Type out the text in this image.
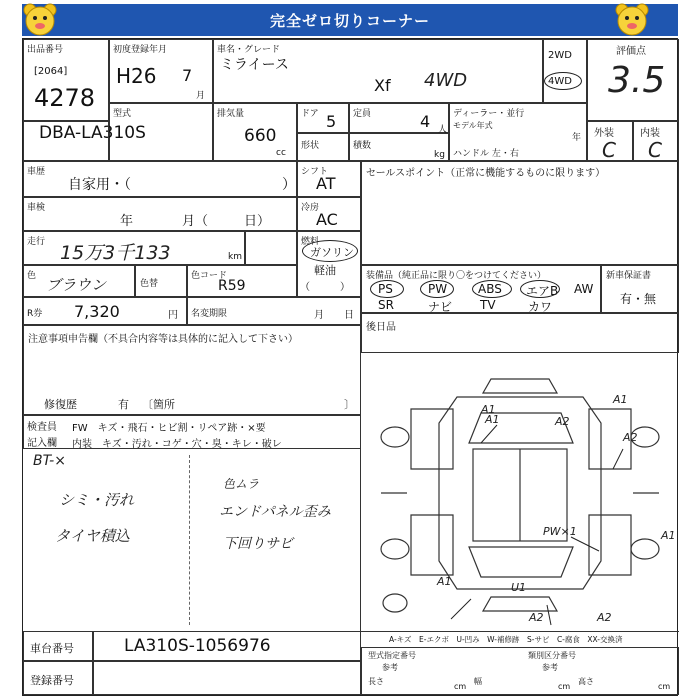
完全ゼロ切りコーナー
出品番号
[2064]
4278
初度登録年月
H26 7
月
車名・グレード
ミライース
Xf 4WD
2WD
4WD
評価点
3.5
型式
DBA-LA310S
排気量
660
cc
ドア 5 定員	4 人
形状	積数
kg
ディーラー・並行
モデル年式
年
ハンドル 左・右
外装
C
内装
C
車歴
自家用・（	）
シフト
AT
車検
年	月（	日）
冷房
AC
走行 15万3千133	km
燃料
ガソリン
軽油
（　　　）
色 ブラウン	色替
色コード
R59
R券 7,320	円 名変期限	月 日
セールスポイント（正常に機能するものに限ります）
装備品（純正品に限り〇をつけてください）
PS	PW	ABS エアB AW
SR	ナビ TV	カワ
新車保証書
有・無
後日品
注意事項申告欄（不具合内容等は具体的に記入して下さい）
修復歴	有 〔箇所	〕
検査員
記入欄
FW　キズ・飛石・ヒビ割・リペア跡・×要
内装　キズ・汚れ・コゲ・穴・臭・キレ・破レ
BT-×
シミ・汚れ
タイヤ積込
色ムラ
エンドパネル歪み
下回りサビ
A1	A2
A2
A1
PW×1	A1
A1	U1
A2	A2
A1
車台番号	LA310S-1056976
登録番号
A-キズ　E-エクボ　U-凹み　W-補修跡　S-サビ　C-腐食　XX-交換済
型式指定番号	類別区分番号
参考	参考
長さ
cm
幅
cm
高さ
cm
